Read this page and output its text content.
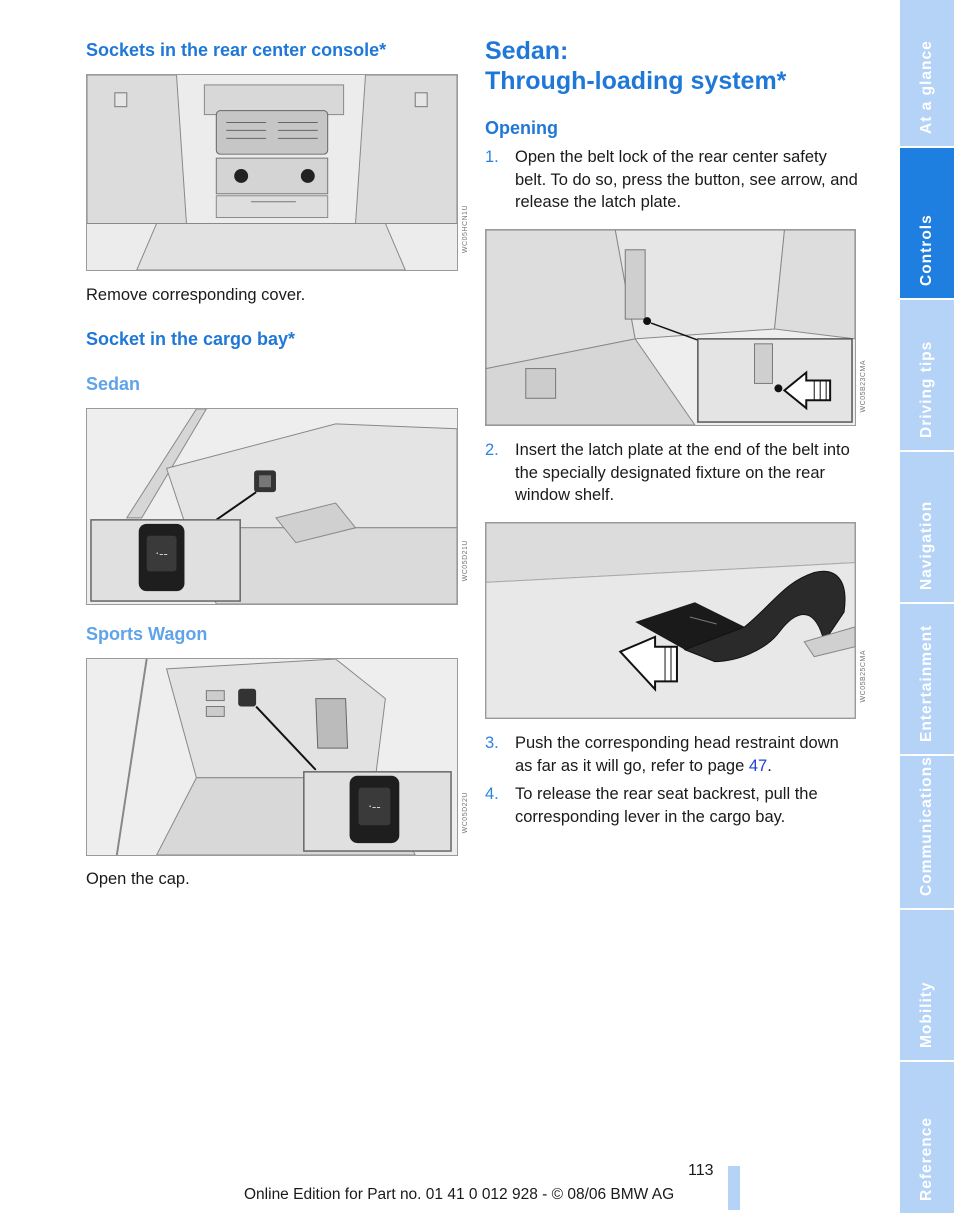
Sockets in the rear center console*
WC05HCN1U

Remove corresponding cover.

Socket in the cargo bay*
Sedan
·‑‑	WC05D21U
Sports Wagon
·‑‑	WC05D22U

Open the cap.

Sedan:
Through-loading system*
Opening
1. Open the belt lock of the rear center safety belt. To do so, press the button, see arrow, and release the latch plate.
WC05B23CMA
2. Insert the latch plate at the end of the belt into the specially designated fixture on the rear window shelf.
WC05B25CMA
3. Push the corresponding head restraint down as far as it will go, refer to page 47.
4. To release the rear seat backrest, pull the corresponding lever in the cargo bay.
113
Online Edition for Part no. 01 41 0 012 928 - © 08/06 BMW AG
At a glance
Controls
Driving tips
Navigation
Entertainment
Communications
Mobility
Reference
